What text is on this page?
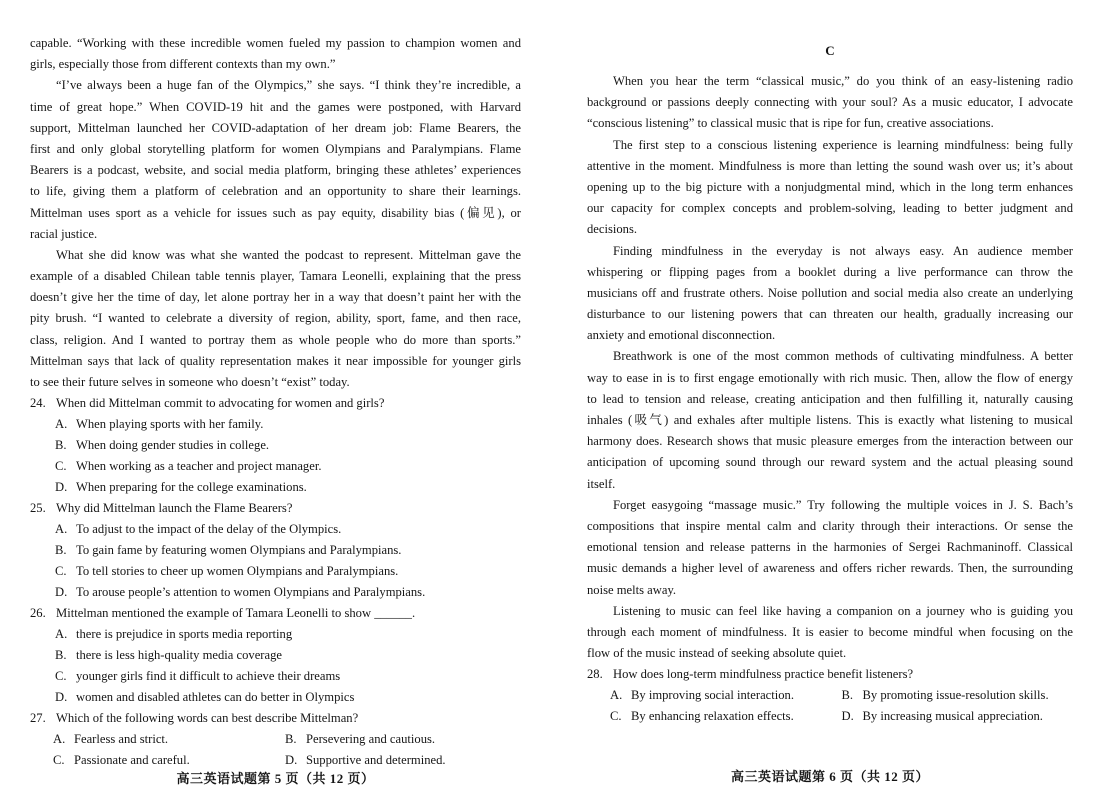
capable. “Working with these incredible women fueled my passion to champion women and
girls, especially those from different contexts than my own.”
“I’ve always been a huge fan of the Olympics,” she says. “I think they’re incredible, a
time of great hope.” When COVID-19 hit and the games were postponed, with Harvard
support, Mittelman launched her COVID-adaptation of her dream job: Flame Bearers, the
first and only global storytelling platform for women Olympians and Paralympians. Flame
Bearers is a podcast, website, and social media platform, bringing these athletes’ experiences
to life, giving them a platform of celebration and an opportunity to share their learnings.
Mittelman uses sport as a vehicle for issues such as pay equity, disability bias (偏见), or
racial justice.
What she did know was what she wanted the podcast to represent. Mittelman gave the
example of a disabled Chilean table tennis player, Tamara Leonelli, explaining that the press
doesn’t give her the time of day, let alone portray her in a way that doesn’t paint her with the
pity brush. “I wanted to celebrate a diversity of region, ability, sport, fame, and then race,
class, religion. And I wanted to portray them as whole people who do more than sports.”
Mittelman says that lack of quality representation makes it near impossible for younger girls
to see their future selves in someone who doesn’t “exist” today.
24. When did Mittelman commit to advocating for women and girls?
A. When playing sports with her family.
B. When doing gender studies in college.
C. When working as a teacher and project manager.
D. When preparing for the college examinations.
25. Why did Mittelman launch the Flame Bearers?
A. To adjust to the impact of the delay of the Olympics.
B. To gain fame by featuring women Olympians and Paralympians.
C. To tell stories to cheer up women Olympians and Paralympians.
D. To arouse people’s attention to women Olympians and Paralympians.
26. Mittelman mentioned the example of Tamara Leonelli to show ______.
A. there is prejudice in sports media reporting
B. there is less high-quality media coverage
C. younger girls find it difficult to achieve their dreams
D. women and disabled athletes can do better in Olympics
27. Which of the following words can best describe Mittelman?
A. Fearless and strict.	B. Persevering and cautious.
C. Passionate and careful.	D. Supportive and determined.
高三英语试题第 5 页（共 12 页）
C
When you hear the term “classical music,” do you think of an easy-listening radio
background or passions deeply connecting with your soul? As a music educator, I advocate
“conscious listening” to classical music that is ripe for fun, creative associations.
The first step to a conscious listening experience is learning mindfulness: being fully
attentive in the moment. Mindfulness is more than letting the sound wash over us; it’s about
opening up to the big picture with a nonjudgmental mind, which in the long term enhances
our capacity for complex concepts and problem-solving, leading to better judgment and
decisions.
Finding mindfulness in the everyday is not always easy. An audience member
whispering or flipping pages from a booklet during a live performance can throw the
musicians off and frustrate others. Noise pollution and social media also create an underlying
disturbance to our listening powers that can threaten our health, gradually increasing our
anxiety and emotional disconnection.
Breathwork is one of the most common methods of cultivating mindfulness. A better
way to ease in is to first engage emotionally with rich music. Then, allow the flow of energy
to lead to tension and release, creating anticipation and then fulfilling it, naturally causing
inhales (吸气) and exhales after multiple listens. This is exactly what listening to musical
harmony does. Research shows that music pleasure emerges from the interaction between our
anticipation of upcoming sound through our reward system and the actual pleasing sound
itself.
Forget easygoing “massage music.” Try following the multiple voices in J. S. Bach’s
compositions that inspire mental calm and clarity through their interactions. Or sense the
emotional tension and release patterns in the harmonies of Sergei Rachmaninoff. Classical
music demands a higher level of awareness and offers richer rewards. Then, the surrounding
noise melts away.
Listening to music can feel like having a companion on a journey who is guiding you
through each moment of mindfulness. It is easier to become mindful when focusing on the
flow of the music instead of seeking absolute quiet.
28. How does long-term mindfulness practice benefit listeners?
A. By improving social interaction.	B. By promoting issue-resolution skills.
C. By enhancing relaxation effects.	D. By increasing musical appreciation.
高三英语试题第 6 页（共 12 页）
